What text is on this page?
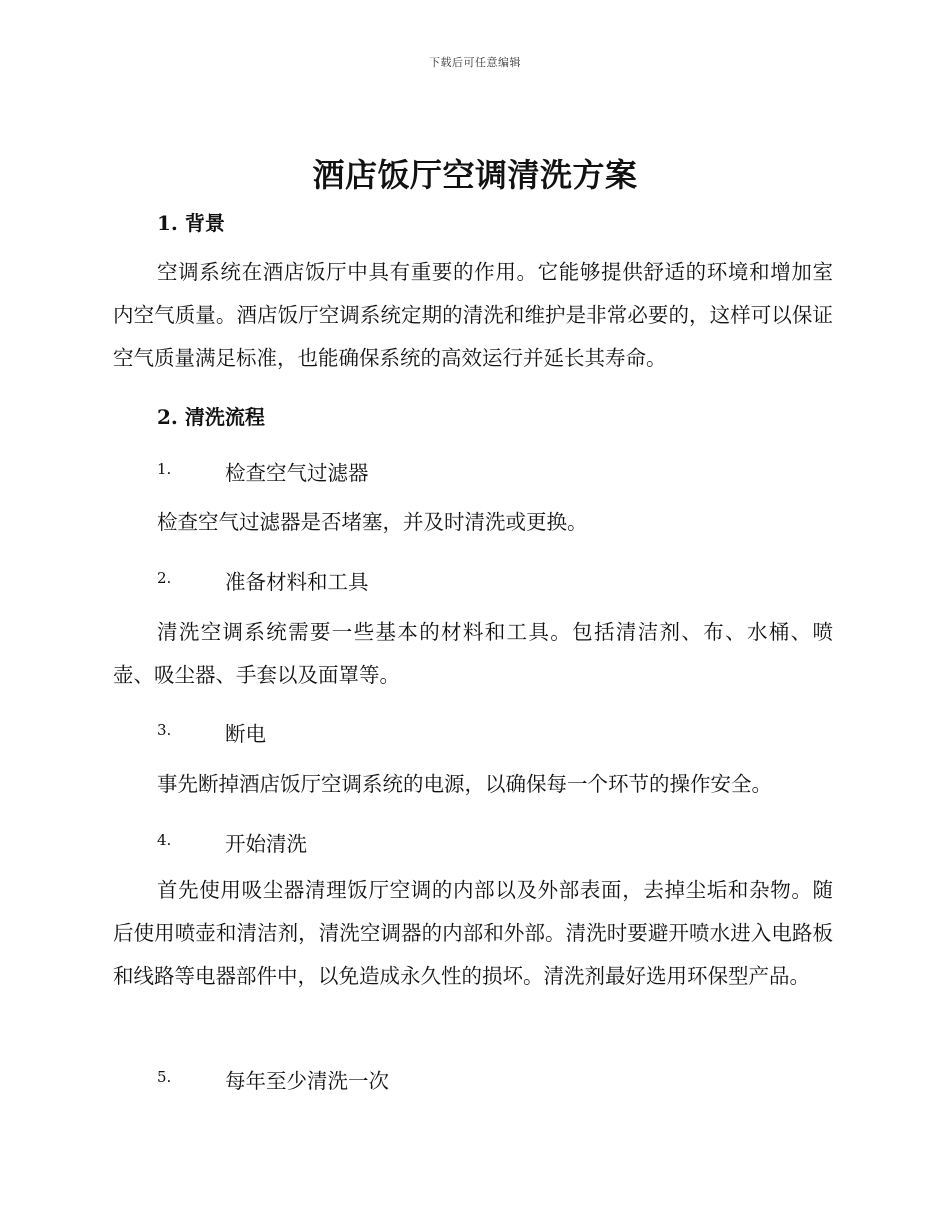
下载后可任意编辑
酒店饭厅空调清洗方案
1. 背景

空调系统在酒店饭厅中具有重要的作用。它能够提供舒适的环境和增加室内空气质量。酒店饭厅空调系统定期的清洗和维护是非常必要的，这样可以保证空气质量满足标准，也能确保系统的高效运行并延长其寿命。

2. 清洗流程
1.	检查空气过滤器

检查空气过滤器是否堵塞，并及时清洗或更换。

2.	准备材料和工具

清洗空调系统需要一些基本的材料和工具。包括清洁剂、布、水桶、喷壶、吸尘器、手套以及面罩等。

3.	断电

事先断掉酒店饭厅空调系统的电源，以确保每一个环节的操作安全。

4.	开始清洗

首先使用吸尘器清理饭厅空调的内部以及外部表面，去掉尘垢和杂物。随后使用喷壶和清洁剂，清洗空调器的内部和外部。清洗时要避开喷水进入电路板和线路等电器部件中，以免造成永久性的损坏。清洗剂最好选用环保型产品。

5.	每年至少清洗一次
